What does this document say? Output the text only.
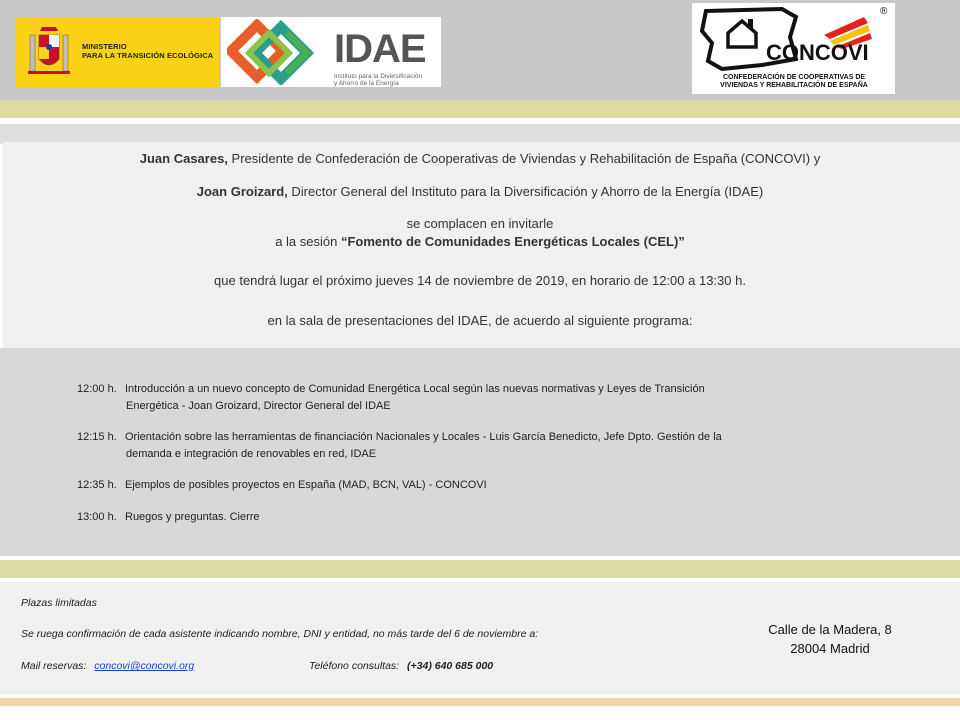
MINISTERIO
PARA LA TRANSICIÓN ECOLÓGICA	IDAE
Instituto para la Diversificación
y Ahorro de la Energía
®
CONCOVI
CONFEDERACIÓN DE COOPERATIVAS DE
VIVIENDAS Y REHABILITACIÓN DE ESPAÑA
Juan Casares, Presidente de Confederación de Cooperativas de Viviendas y Rehabilitación de España (CONCOVI) y
Joan Groizard, Director General del Instituto para la Diversificación y Ahorro de la Energía (IDAE)
se complacen en invitarle
a la sesión “Fomento de Comunidades Energéticas Locales (CEL)”
que tendrá lugar el próximo jueves 14 de noviembre de 2019, en horario de 12:00 a 13:30 h.
en la sala de presentaciones del IDAE, de acuerdo al siguiente programa:
12:00 h. Introducción a un nuevo concepto de Comunidad Energética Local según las nuevas normativas y Leyes de Transición
Energética - Joan Groizard, Director General del IDAE
12:15 h. Orientación sobre las herramientas de financiación Nacionales y Locales - Luis García Benedicto, Jefe Dpto. Gestión de la
demanda e integración de renovables en red, IDAE
12:35 h. Ejemplos de posibles proyectos en España (MAD, BCN, VAL) - CONCOVI
13:00 h. Ruegos y preguntas. Cierre
Plazas limitadas
Se ruega confirmación de cada asistente indicando nombre, DNI y entidad, no más tarde del 6 de noviembre a:
Mail reservas: concovi@concovi.org	Teléfono consultas: (+34) 640 685 000
Calle de la Madera, 8
28004 Madrid
